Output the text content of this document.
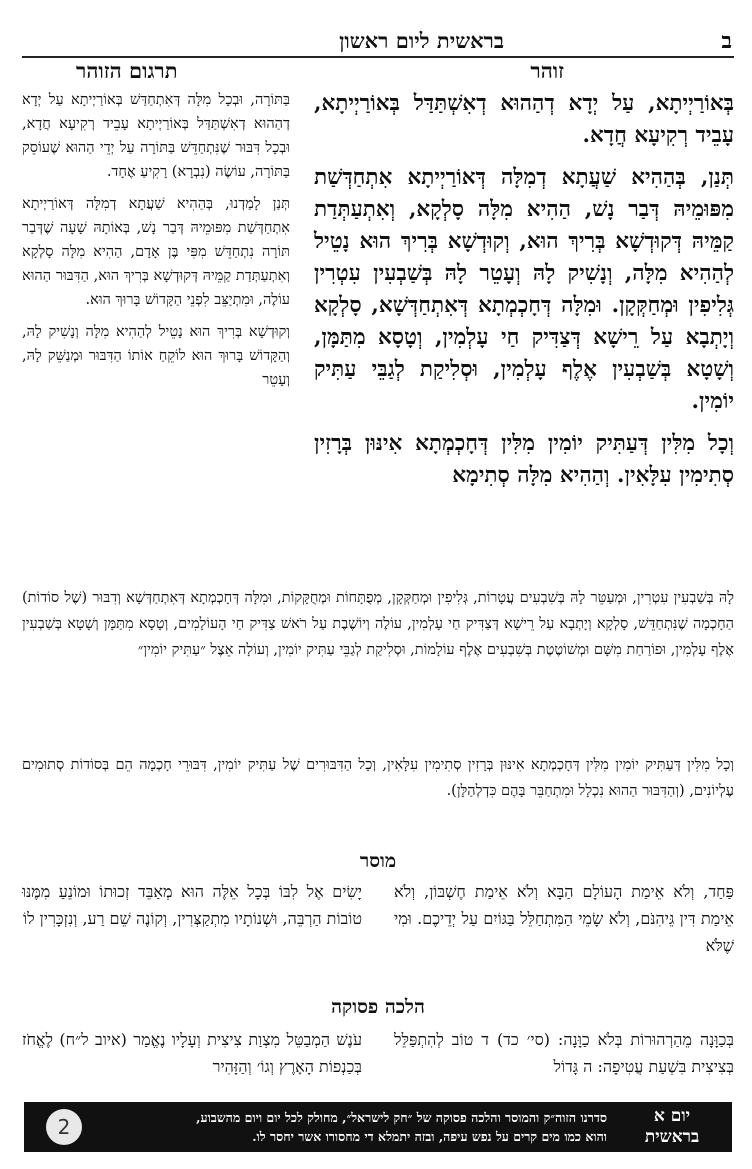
ב
בראשית ליום ראשון
זוהר
תרגום הזוהר

בְּאוֹרַיְיתָא, עַל יְדָא דְהַהוּא דְאִשְׁתַּדַּל בְּאוֹרַיְיתָא, עָבֵיד רְקִיעָא חֲדָא.

תְּנַן, בְּהַהִיא שַׁעֲתָא דְמִלָּה דְּאוֹרַיְיתָא אִתְחַדְּשַׁת מִפּוּמֵיהּ דְּבַר נָשׁ, הַהִיא מִלָּה סָלְקָא, וְאִתְעַתְּדַת קַמֵּיהּ דְּקוּדְשָׁא בְּרִיךְ הוּא, וְקוּדְשָׁא בְּרִיךְ הוּא נָטֵיל לְהַהִיא מִלָּה, וְנָשִׁיק לָהּ וְעָטֵר לָהּ בְּשַׁבְעִין עִטְרִין גְּלִיפִין וּמְחַקְּקָן. וּמִלָּה דְּחָכְמְתָא דְּאִתְחַדְּשָׁא, סָלְקָא וְיָתְבָא עַל רֵישָׁא דְּצַדִּיק חַי עָלְמִין, וְטָסָא מִתַּמָּן, וְשָׁטָא בְּשַׁבְעִין אֶלֶף עָלְמִין, וּסְלִיקַת לְגַבֵּי עַתִּיק יוֹמִין.

וְכָל מִלִּין דְּעַתִּיק יוֹמִין מִלִּין דְּחָכְמְתָא אִינּוּן בְּרָזִין סְתִימִין עִלָּאִין. וְהַהִיא מִלָּה סְתִימָא

בַּתּוֹרָה, וּבְכָל מִלָּה דְּאִתְחַדַּשׁ בְּאוֹרַיְיתָא עַל יְדָא דְהַהוּא דְאִשְׁתַּדַּל בְּאוֹרַיְיתָא עָבֵיד רְקִיעָא חֲדָא, וּבְכָל דִּבּוּר שֶׁנִּתְחַדֵּשׁ בַּתּוֹרָה עַל יְדֵי הַהוּא שֶׁעוֹסֵק בַּתּוֹרָה, עוֹשֶׂה (נִבְרָא) רָקִיעַ אֶחָד.

תְּנַן לָמַדְנוּ, בְּהַהִיא שַׁעֲתָא דְמִלָּה דְּאוֹרַיְיתָא אִתְחַדְּשַׁת מִפּוּמֵיהּ דְּבַר נָשׁ, בְּאוֹתָהּ שָׁעָה שֶׁדְּבַר תּוֹרָה נִתְחַדֵּשׁ מִפִּי בֶּן אָדָם, הַהִיא מִלָּה סָלְקָא וְאִתְעַתְּדַת קַמֵּיהּ דְּקוּדְשָׁא בְּרִיךְ הוּא, הַדִּבּוּר הַהוּא עוֹלֶה, וּמִתְיַצֵּב לִפְנֵי הַקָּדוֹשׁ בָּרוּךְ הוּא.

וְקוּדְשָׁא בְּרִיךְ הוּא נָטֵיל לְהַהִיא מִלָּה וְנָשִׁיק לָהּ, וְהַקָּדוֹשׁ בָּרוּךְ הוּא לוֹקֵחַ אוֹתוֹ הַדִּבּוּר וּמְנַשֵּׁק לָהּ, וְעָטֵר

לָהּ בְּשַׁבְעִין עִטְרִין, וּמְעַטֵּר לָהּ בְּשִׁבְעִים עֲטָרוֹת, גְּלִיפִין וּמְחַקְּקָן, מְפֻתָּחוֹת וּמְחֻקָּקוֹת, וּמִלָּה דְּחָכְמְתָא דְּאִתְחַדְּשָׁא וְדִבּוּר (שֶׁל סוֹדוֹת) הַחָכְמָה שֶׁנִּתְחַדֵּשׁ, סָלְקָא וְיָתְבָא עַל רֵישָׁא דְּצַדִּיק חַי עָלְמִין, עוֹלֶה וְיוֹשֶׁבֶת עַל רֹאשׁ צַדִּיק חַי הָעוֹלָמִים, וְטָסָא מִתַּמָּן וְשָׁטָא בְּשַׁבְעִין אֶלֶף עָלְמִין, וּפוֹרַחַת מִשָּׁם וּמְשׁוֹטֶטֶת בְּשִׁבְעִים אֶלֶף עוֹלָמוֹת, וּסְלִיקַת לְגַבֵּי עַתִּיק יוֹמִין, וְעוֹלָה אֵצֶל ״עַתִּיק יוֹמִין״
וְכָל מִלִּין דְּעַתִּיק יוֹמִין מִלִּין דְּחָכְמְתָא אִינּוּן בְּרָזִין סְתִימִין עִלָּאִין, וְכָל הַדִּבּוּרִים שֶׁל עַתִּיק יוֹמִין, דִּבּוּרֵי חָכְמָה הֵם בְּסוֹדוֹת סְתוּמִים עֶלְיוֹנִים, (וְהַדִּבּוּר הַהוּא נִכְלָל וּמִתְחַבֵּר בָּהֶם כִּדְלְהַלָּן).
מוסר
פַּחַד, וְלֹא אֵימַת הָעוֹלָם הַבָּא וְלֹא אֵימַת חֶשְׁבּוֹן, וְלֹא אֵימַת דִּין גֵּיהִנֹּם, וְלֹא שָׂמֵי הַמִּתְחַלֵּל בַּגּוֹיִם עַל יְדֵיכֶם. וּמִי שֶׁלֹּא
יָשִׂים אֶל לִבּוֹ בְּכָל אֵלֶּה הוּא מְאַבֵּד זְכוּתוֹ וּמוֹנֵעַ מִמֶּנּוּ טוֹבוֹת הַרְבֵּה, וּשְׁנוֹתָיו מִתְקַצְּרִין, וְקוֹנֶה שֵׁם רַע, וְנִזְכָּרִין לוֹ
הלכה פסוקה
בְּכַוָּנָה מֵהַרְהוּרוֹת בְּלֹא כַוָּנָה: (סי׳ כד) ד טוֹב לְהִתְפַּלֵּל בְּצִיצִית בִּשְׁעַת עֲטִיפָה: ה גָּדוֹל
עֹנֶשׁ הַמְבַטֵּל מִצְוַת צִיצִית וְעָלָיו נֶאֱמַר (איוב ל״ח) לֶאֱחֹז בְּכַנְפוֹת הָאָרֶץ וְגוֹ׳ וְהַזָּהִיר
יום א
בראשית
סדרנו הזוה״ק והמוסר והלכה פסוקה של ״חק לישראל״, מחולק לכל יום ויום מהשבוע,
והוא כמו מים קרים על נפש עיפה, ובזה יתמלא די מחסורו אשר יחסר לו.
2
